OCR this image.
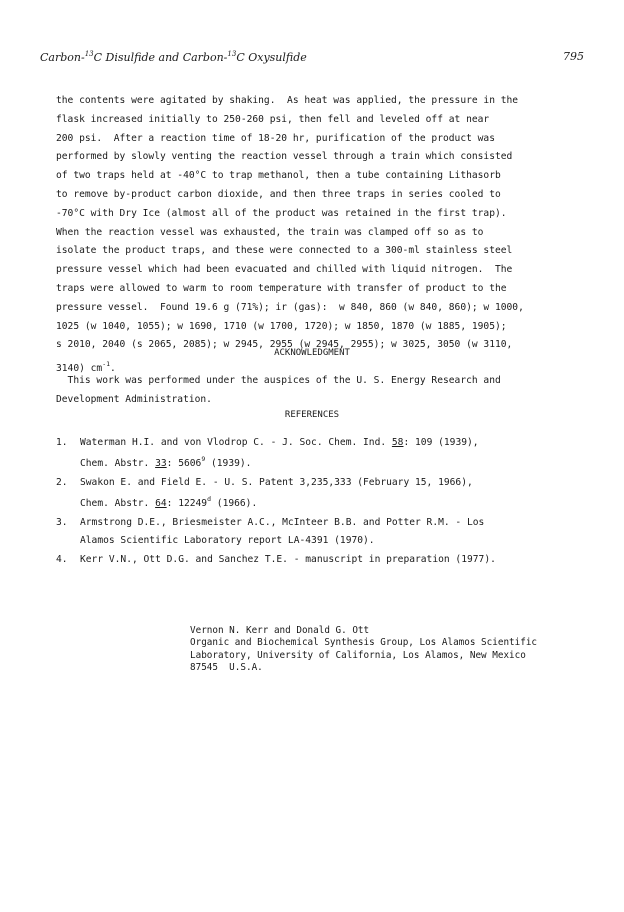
Carbon-$^{13}$C Disulfide and Carbon-$^{13}$C Oxysulfide	795
the contents were agitated by shaking.  As heat was applied, the pressure in the
flask increased initially to 250-260 psi, then fell and leveled off at near
200 psi.  After a reaction time of 18-20 hr, purification of the product was
performed by slowly venting the reaction vessel through a train which consisted
of two traps held at -40°C to trap methanol, then a tube containing Lithasorb
to remove by-product carbon dioxide, and then three traps in series cooled to
-70°C with Dry Ice (almost all of the product was retained in the first trap).
When the reaction vessel was exhausted, the train was clamped off so as to
isolate the product traps, and these were connected to a 300-ml stainless steel
pressure vessel which had been evacuated and chilled with liquid nitrogen.  The
traps were allowed to warm to room temperature with transfer of product to the
pressure vessel.  Found 19.6 g (71%); ir (gas):  w 840, 860 (w 840, 860); w 1000,
1025 (w 1040, 1055); w 1690, 1710 (w 1700, 1720); w 1850, 1870 (w 1885, 1905);
s 2010, 2040 (s 2065, 2085); w 2945, 2955 (w 2945, 2955); w 3025, 3050 (w 3110,
3140) $cm^{-1}$.
ACKNOWLEDGMENT
This work was performed under the auspices of the U. S. Energy Research and
Development Administration.
REFERENCES
1.	Waterman H.I. and von Vlodrop C. - J. Soc. Chem. Ind. 58: 109 (1939),
Chem. Abstr. 33: 5606$^9$ (1939).
2.	Swakon E. and Field E. - U. S. Patent 3,235,333 (February 15, 1966),
Chem. Abstr. 64: 12249$^d$ (1966).
3.	Armstrong D.E., Briesmeister A.C., McInteer B.B. and Potter R.M. - Los
Alamos Scientific Laboratory report LA-4391 (1970).
4.	Kerr V.N., Ott D.G. and Sanchez T.E. - manuscript in preparation (1977).
Vernon N. Kerr and Donald G. Ott
Organic and Biochemical Synthesis Group, Los Alamos Scientific
Laboratory, University of California, Los Alamos, New Mexico
87545  U.S.A.
